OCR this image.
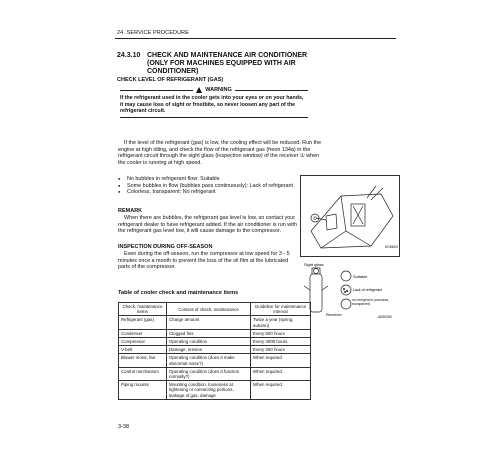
24. SERVICE PROCEDURE
24.3.10 CHECK AND MAINTENANCE AIR CONDITIONER
(ONLY FOR MACHINES EQUIPPED WITH AIR
CONDITIONER)
CHECK LEVEL OF REFRIGERANT (GAS)
WARNING
If the refrigerant used in the cooler gets into your eyes or on your hands, it may cause loss of sight or frostbite, so never loosen any part of the refrigerant circuit.
If the level of the refrigerant (gas) is low, the cooling effect will be reduced. Run the engine at high idling, and check the flow of the refrigerant gas (freon 134a) in the refrigerant circuit through the sight glass (inspection window) of the receiver ① when the cooler is running at high speed.
● No bubbles in refrigerant flow: Suitable
● Some bubbles in flow (bubbles pass continuously): Lack of refrigerant
● Colorless, transparent: No refrigerant
REMARK
When there are bubbles, the refrigerant gas level is low, so contact your refrigerant dealer to have refrigerant added. If the air conditioner is run with the refrigerant gas level low, it will cause damage to the compressor.
INSPECTION DURING OFF-SEASON
Even during the off-season, run the compressor at low speed for 3 - 5 minutes once a month to prevent the loss of the oil film at the lubricated parts of the compressor.
①
KD5603
Sight glass
Receiver
Suitable
Lack of refrigerant
No refrigerant (colorless, transparent)
AE5H283
Table of cooler check and maintenance items
Check, maintenance items	Content of check, maintenance	Guideline for maintenance interval
Refrigerant (gas)	Charge amount	Twice a year (spring, autumn)
Condenser	Clogged fins	Every 500 hours
Compressor	Operating condition	Every 4000 hours
V-belt	Damage, tension	Every 250 hours
Blower motor, fan	Operating condition (does it make abnormal noise?)	When required
Control mechanism	Operating condition (does it function normally?)	When required
Piping mounts	Mounting condition, looseness at tightening or connecting portions, leakage of gas, damage	When required
3-38
